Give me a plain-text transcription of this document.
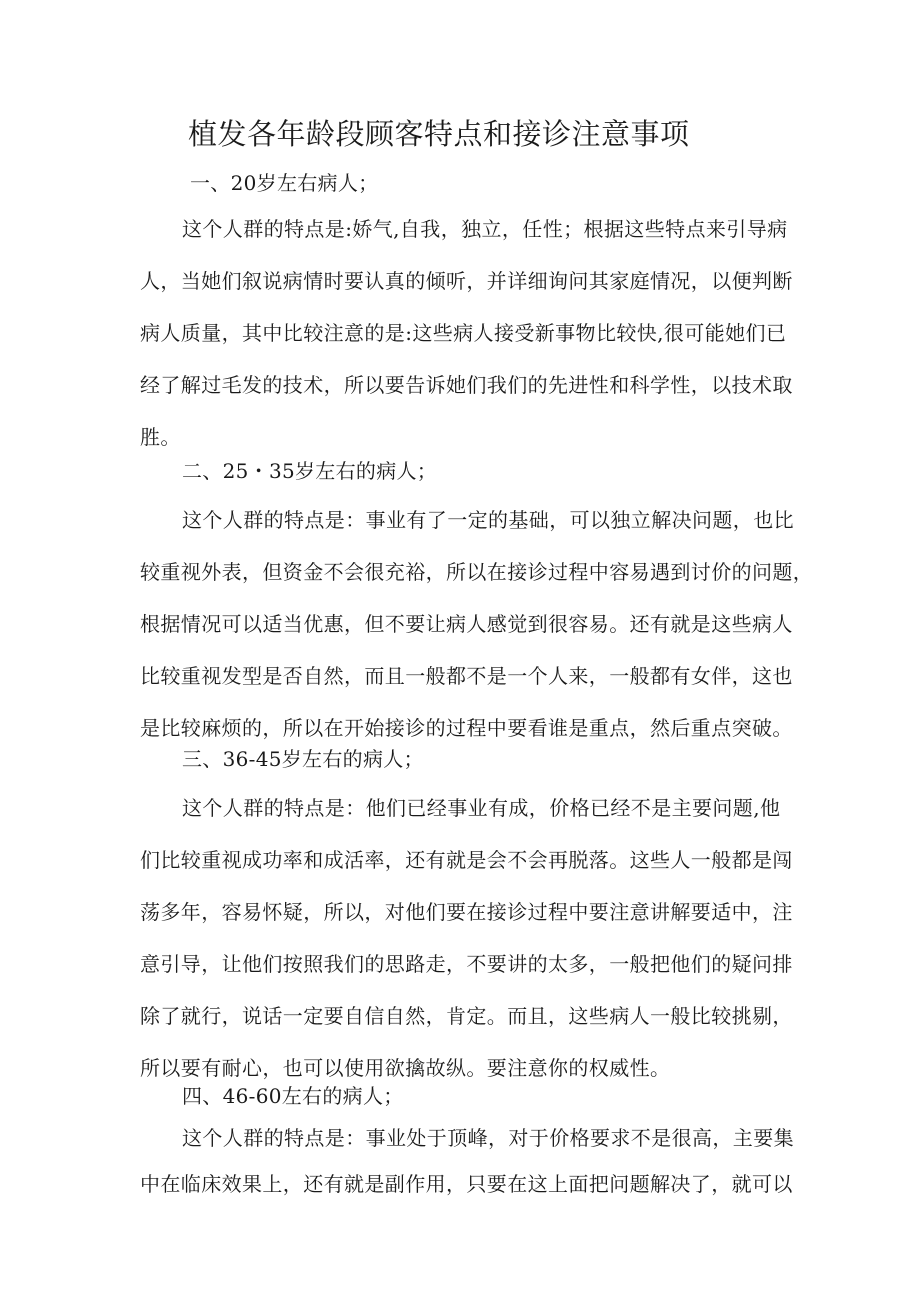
植发各年龄段顾客特点和接诊注意事项
一、20岁左右病人；
这个人群的特点是:娇气,自我，独立，任性；根据这些特点来引导病
人，当她们叙说病情时要认真的倾听，并详细询问其家庭情况，以便判断
病人质量，其中比较注意的是:这些病人接受新事物比较快,很可能她们已
经了解过毛发的技术，所以要告诉她们我们的先进性和科学性，以技术取
胜。
二、25・35岁左右的病人；
这个人群的特点是：事业有了一定的基础，可以独立解决问题，也比
较重视外表，但资金不会很充裕，所以在接诊过程中容易遇到讨价的问题，
根据情况可以适当优惠，但不要让病人感觉到很容易。还有就是这些病人
比较重视发型是否自然，而且一般都不是一个人来，一般都有女伴，这也
是比较麻烦的，所以在开始接诊的过程中要看谁是重点，然后重点突破。
三、36-45岁左右的病人；
这个人群的特点是：他们已经事业有成，价格已经不是主要问题,他
们比较重视成功率和成活率，还有就是会不会再脱落。这些人一般都是闯
荡多年，容易怀疑，所以，对他们要在接诊过程中要注意讲解要适中，注
意引导，让他们按照我们的思路走，不要讲的太多，一般把他们的疑问排
除了就行，说话一定要自信自然，肯定。而且，这些病人一般比较挑剔，
所以要有耐心，也可以使用欲擒故纵。要注意你的权威性。
四、46-60左右的病人；
这个人群的特点是：事业处于顶峰，对于价格要求不是很高，主要集
中在临床效果上，还有就是副作用，只要在这上面把问题解决了，就可以
